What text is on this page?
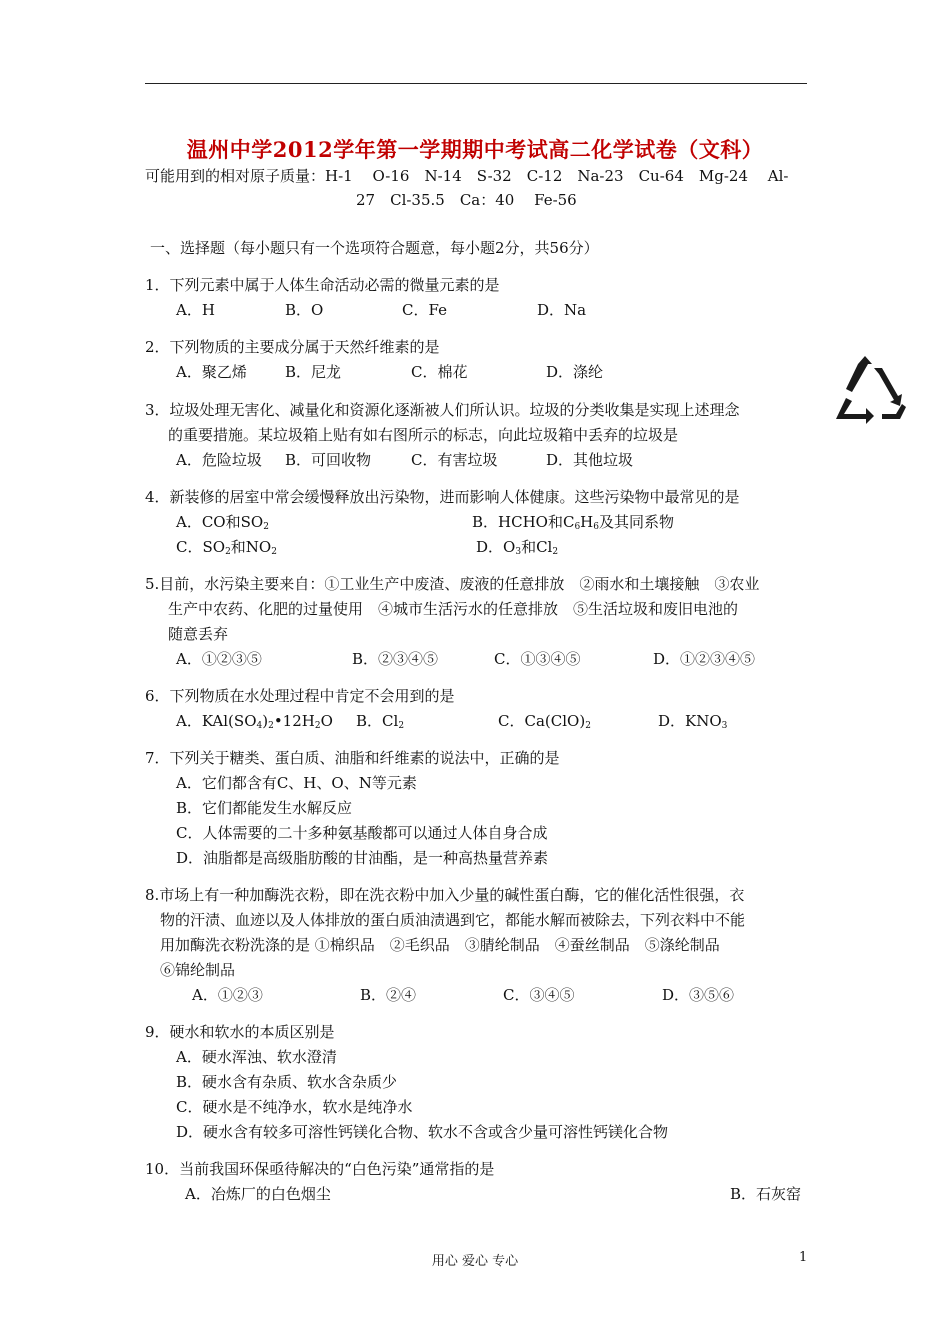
温州中学2012学年第一学期期中考试高二化学试卷（文科）
可能用到的相对原子质量：H-1　 O-16　N-14　S-32　C-12　Na-23　Cu-64　Mg-24　 Al-
27　Cl-35.5　Ca：40　 Fe-56
一、选择题（每小题只有一个选项符合题意，每小题2分，共56分）
1．下列元素中属于人体生命活动必需的微量元素的是
A．H	B．O	C．Fe	D．Na
2．下列物质的主要成分属于天然纤维素的是
A．聚乙烯	B．尼龙	C．棉花	D．涤纶
3．垃圾处理无害化、减量化和资源化逐渐被人们所认识。垃圾的分类收集是实现上述理念
的重要措施。某垃圾箱上贴有如右图所示的标志，向此垃圾箱中丢弃的垃圾是
A．危险垃圾 B．可回收物	C．有害垃圾	D．其他垃圾
4．新装修的居室中常会缓慢释放出污染物，进而影响人体健康。这些污染物中最常见的是
A．CO和$SO_2$	B．HCHO和$C_6H_6$及其同系物
C．$SO_2$和$NO_2$	D．$O_3$和$Cl_2$
5.目前，水污染主要来自：①工业生产中废渣、废液的任意排放　②雨水和土壤接触　③农业
生产中农药、化肥的过量使用　④城市生活污水的任意排放　⑤生活垃圾和废旧电池的
随意丢弃
A．①②③⑤	B．②③④⑤	C．①③④⑤	D．①②③④⑤
6．下列物质在水处理过程中肯定不会用到的是
A．$KAl(SO_4)_2•12H_2O$ B．$Cl_2$	C．$Ca(ClO)_2$	D．$KNO_3$
7．下列关于糖类、蛋白质、油脂和纤维素的说法中，正确的是
A．它们都含有C、H、O、N等元素
B．它们都能发生水解反应
C．人体需要的二十多种氨基酸都可以通过人体自身合成
D．油脂都是高级脂肪酸的甘油酯，是一种高热量营养素
8.市场上有一种加酶洗衣粉，即在洗衣粉中加入少量的碱性蛋白酶，它的催化活性很强，衣
物的汗渍、血迹以及人体排放的蛋白质油渍遇到它，都能水解而被除去，下列衣料中不能
用加酶洗衣粉洗涤的是 ①棉织品　②毛织品　③腈纶制品　④蚕丝制品　⑤涤纶制品
⑥锦纶制品
A．①②③	B．②④	C．③④⑤	D．③⑤⑥
9．硬水和软水的本质区别是
A．硬水浑浊、软水澄清
B．硬水含有杂质、软水含杂质少
C．硬水是不纯净水，软水是纯净水
D．硬水含有较多可溶性钙镁化合物、软水不含或含少量可溶性钙镁化合物
10．当前我国环保亟待解决的“白色污染”通常指的是
A．冶炼厂的白色烟尘	B．石灰窑
用心 爱心 专心	1
